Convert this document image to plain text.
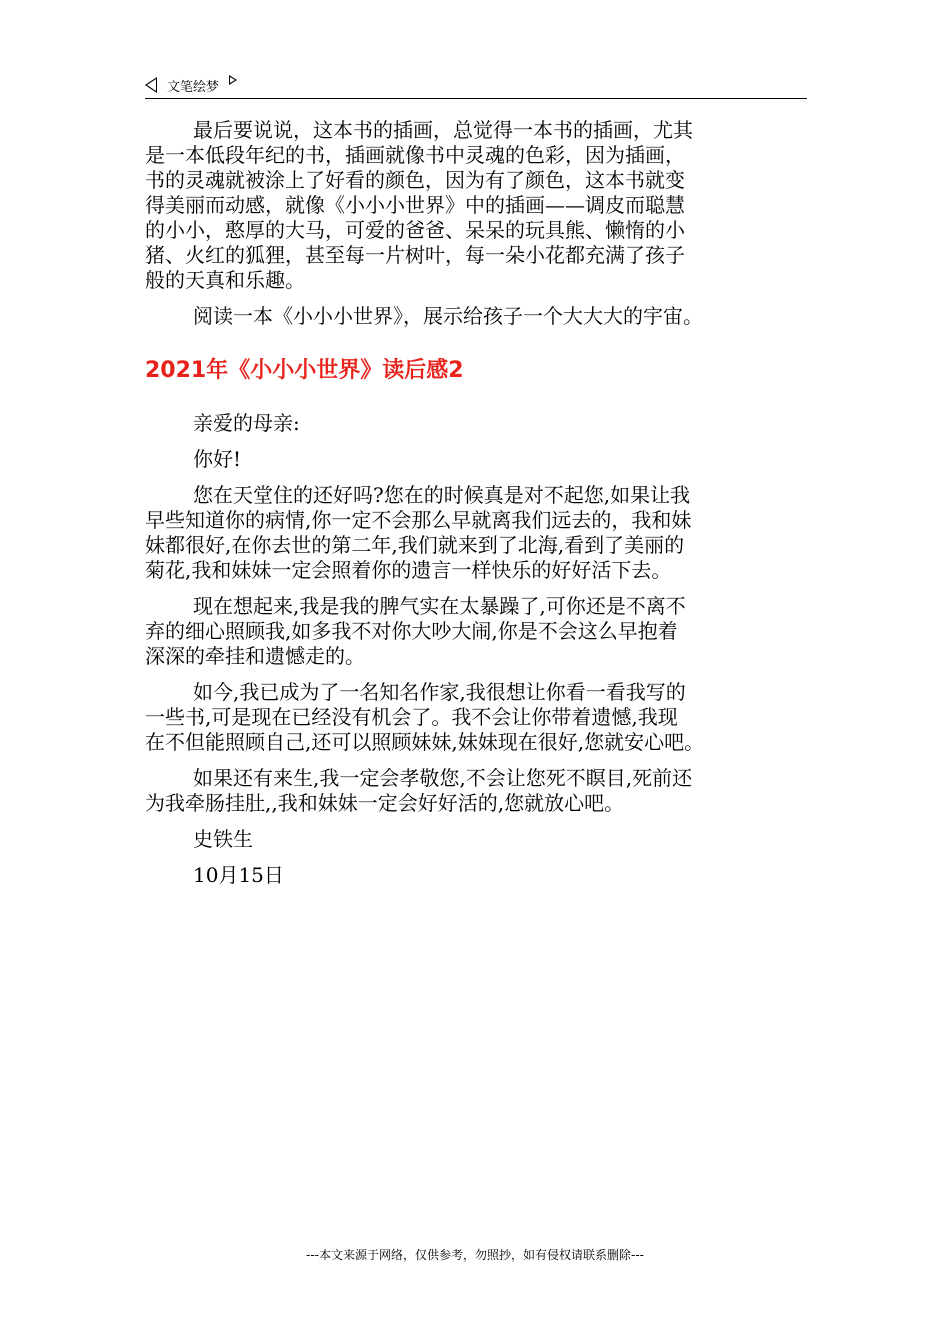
文笔绘梦

最后要说说，这本书的插画，总觉得一本书的插画，尤其
是一本低段年纪的书，插画就像书中灵魂的色彩，因为插画，
书的灵魂就被涂上了好看的颜色，因为有了颜色，这本书就变
得美丽而动感，就像《小小小世界》中的插画——调皮而聪慧
的小小，憨厚的大马，可爱的爸爸、呆呆的玩具熊、懒惰的小
猪、火红的狐狸，甚至每一片树叶，每一朵小花都充满了孩子
般的天真和乐趣。

阅读一本《小小小世界》，展示给孩子一个大大大的宇宙。

2021年《小小小世界》读后感2

亲爱的母亲:

你好!

您在天堂住的还好吗?您在的时候真是对不起您,如果让我
早些知道你的病情,你一定不会那么早就离我们远去的，我和妹
妹都很好,在你去世的第二年,我们就来到了北海,看到了美丽的
菊花,我和妹妹一定会照着你的遗言一样快乐的好好活下去。

现在想起来,我是我的脾气实在太暴躁了,可你还是不离不
弃的细心照顾我,如多我不对你大吵大闹,你是不会这么早抱着
深深的牵挂和遗憾走的。

如今,我已成为了一名知名作家,我很想让你看一看我写的
一些书,可是现在已经没有机会了。我不会让你带着遗憾,我现
在不但能照顾自己,还可以照顾妹妹,妹妹现在很好,您就安心吧。

如果还有来生,我一定会孝敬您,不会让您死不瞑目,死前还
为我牵肠挂肚,,我和妹妹一定会好好活的,您就放心吧。

史铁生

10月15日

---本文来源于网络，仅供参考，勿照抄，如有侵权请联系删除---
